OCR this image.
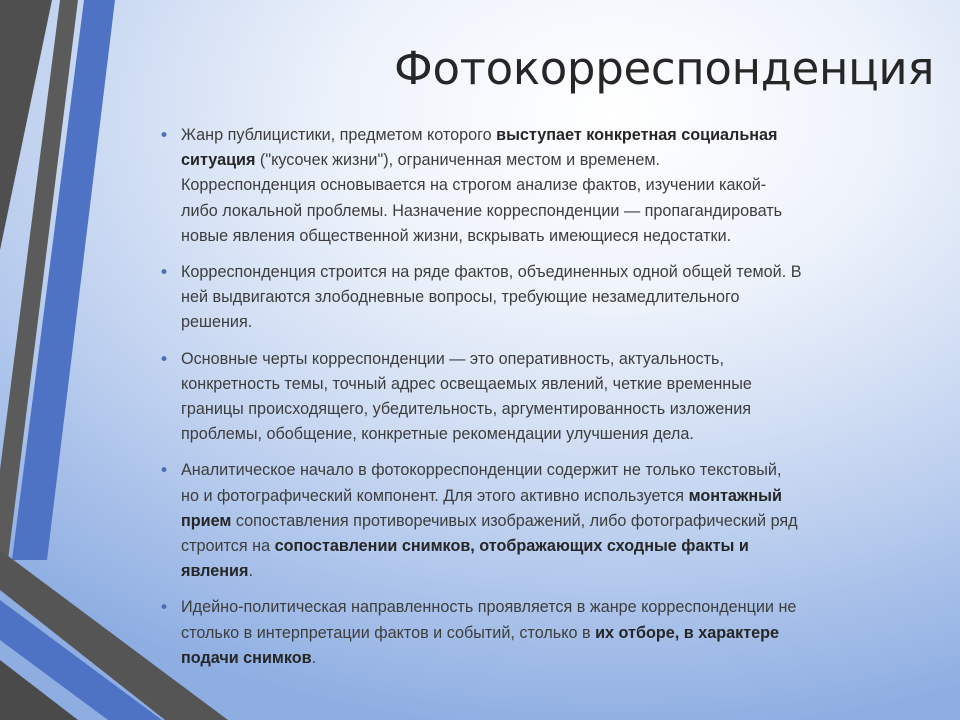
Фотокорреспонденция
• Жанр публицистики, предметом которого выступает конкретная социальная
ситуация ("кусочек жизни"), ограниченная местом и временем.
Корреспонденция основывается на строгом анализе фактов, изучении какой-
либо локальной проблемы. Назначение корреспонденции — пропагандировать
новые явления общественной жизни, вскрывать имеющиеся недостатки.
• Корреспонденция строится на ряде фактов, объединенных одной общей темой. В
ней выдвигаются злободневные вопросы, требующие незамедлительного
решения.
• Основные черты корреспонденции — это оперативность, актуальность,
конкретность темы, точный адрес освещаемых явлений, четкие временные
границы происходящего, убедительность, аргументированность изложения
проблемы, обобщение, конкретные рекомендации улучшения дела.
• Аналитическое начало в фотокорреспонденции содержит не только текстовый,
но и фотографический компонент. Для этого активно используется монтажный
прием сопоставления противоречивых изображений, либо фотографический ряд
строится на сопоставлении снимков, отображающих сходные факты и
явления.
• Идейно-политическая направленность проявляется в жанре корреспонденции не
столько в интерпретации фактов и событий, столько в их отборе, в характере
подачи снимков.
